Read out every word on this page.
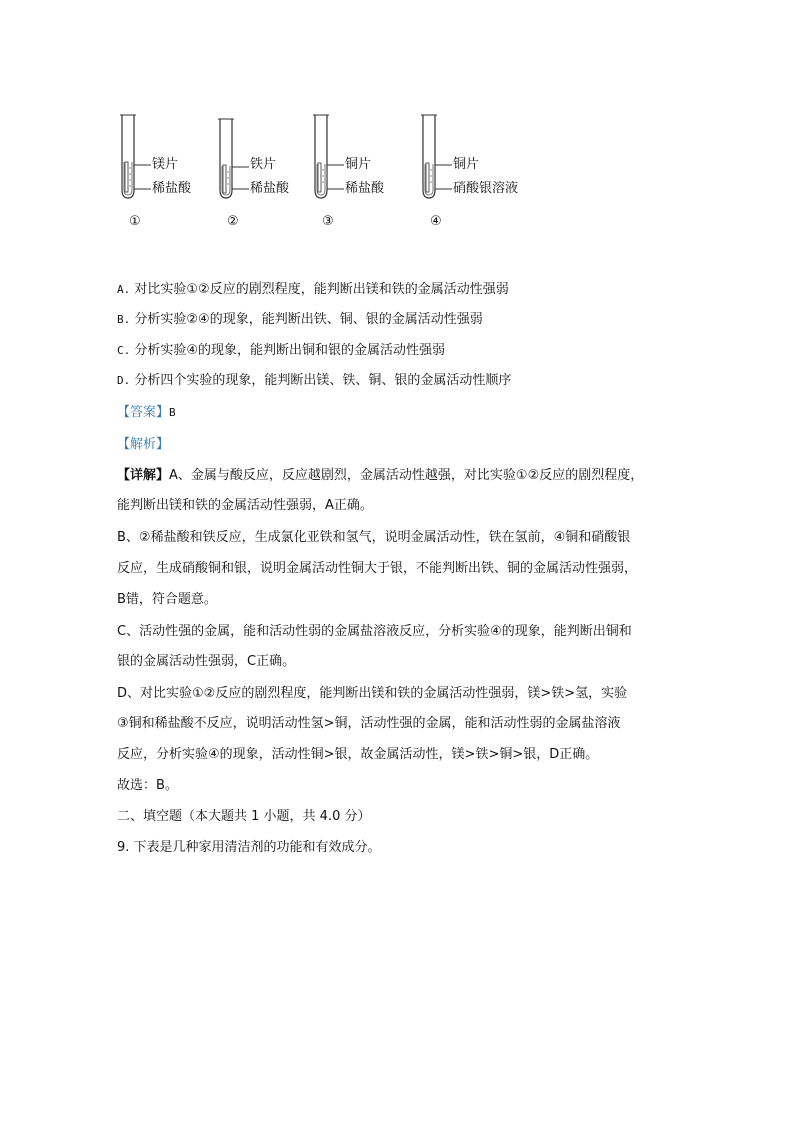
镁片
稀盐酸
①
铁片
稀盐酸
②
铜片
稀盐酸
③
铜片
硝酸银溶液
④
A. 对比实验①②反应的剧烈程度，能判断出镁和铁的金属活动性强弱
B. 分析实验②④的现象，能判断出铁、铜、银的金属活动性强弱
C. 分析实验④的现象，能判断出铜和银的金属活动性强弱
D. 分析四个实验的现象，能判断出镁、铁、铜、银的金属活动性顺序
【答案】B
【解析】
【详解】A、金属与酸反应，反应越剧烈，金属活动性越强，对比实验①②反应的剧烈程度，
能判断出镁和铁的金属活动性强弱，A正确。
B、②稀盐酸和铁反应，生成氯化亚铁和氢气，说明金属活动性，铁在氢前，④铜和硝酸银
反应，生成硝酸铜和银，说明金属活动性铜大于银，不能判断出铁、铜的金属活动性强弱，
B错，符合题意。
C、活动性强的金属，能和活动性弱的金属盐溶液反应，分析实验④的现象，能判断出铜和
银的金属活动性强弱，C正确。
D、对比实验①②反应的剧烈程度，能判断出镁和铁的金属活动性强弱，镁>铁>氢，实验
③铜和稀盐酸不反应，说明活动性氢>铜，活动性强的金属，能和活动性弱的金属盐溶液
反应，分析实验④的现象，活动性铜>银，故金属活动性，镁>铁>铜>银，D正确。
故选：B。
二、填空题（本大题共 1 小题，共 4.0 分）
9. 下表是几种家用清洁剂的功能和有效成分。
